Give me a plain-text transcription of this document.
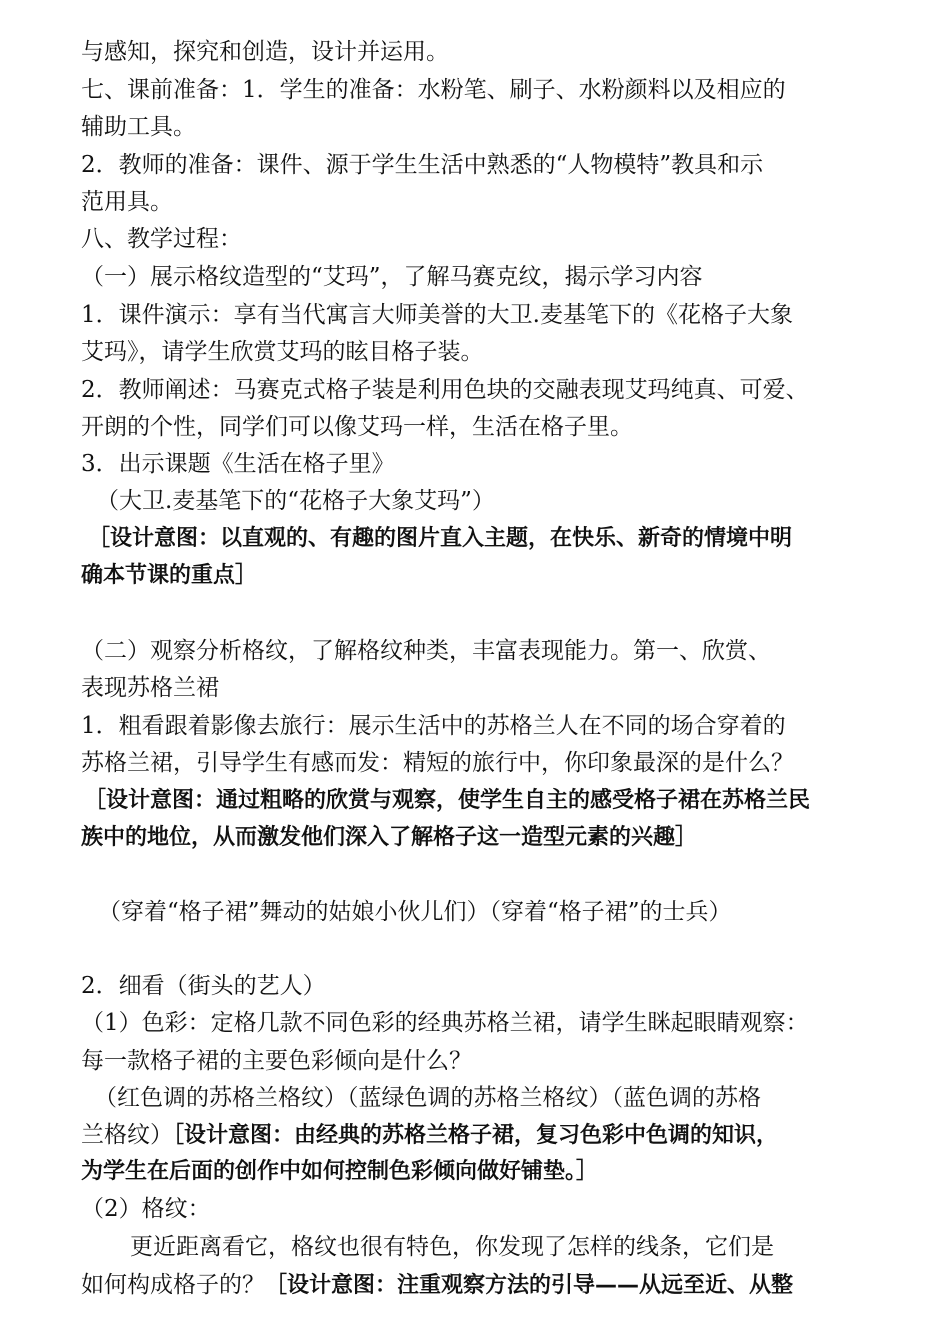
与感知，探究和创造，设计并运用。
七、课前准备：1．学生的准备：水粉笔、刷子、水粉颜料以及相应的
辅助工具。
2．教师的准备：课件、源于学生生活中熟悉的“人物模特”教具和示
范用具。
八、教学过程：
（一）展示格纹造型的“艾玛”，了解马赛克纹，揭示学习内容
1．课件演示：享有当代寓言大师美誉的大卫.麦基笔下的《花格子大象
艾玛》，请学生欣赏艾玛的眩目格子装。
2．教师阐述：马赛克式格子装是利用色块的交融表现艾玛纯真、可爱、
开朗的个性，同学们可以像艾玛一样，生活在格子里。
3．出示课题《生活在格子里》
（大卫.麦基笔下的“花格子大象艾玛”）
［设计意图：以直观的、有趣的图片直入主题，在快乐、新奇的情境中明
确本节课的重点］
（二）观察分析格纹，了解格纹种类，丰富表现能力。第一、欣赏、
表现苏格兰裙
1．粗看跟着影像去旅行：展示生活中的苏格兰人在不同的场合穿着的
苏格兰裙，引导学生有感而发：精短的旅行中，你印象最深的是什么？
［设计意图：通过粗略的欣赏与观察，使学生自主的感受格子裙在苏格兰民
族中的地位，从而激发他们深入了解格子这一造型元素的兴趣］
（穿着“格子裙”舞动的姑娘小伙儿们）（穿着“格子裙”的士兵）
2．细看（街头的艺人）
（1）色彩：定格几款不同色彩的经典苏格兰裙，请学生眯起眼睛观察：
每一款格子裙的主要色彩倾向是什么？
（红色调的苏格兰格纹）（蓝绿色调的苏格兰格纹）（蓝色调的苏格
兰格纹）［设计意图：由经典的苏格兰格子裙，复习色彩中色调的知识，
为学生在后面的创作中如何控制色彩倾向做好铺垫。］
（2）格纹：
更近距离看它，格纹也很有特色，你发现了怎样的线条，它们是
如何构成格子的？［设计意图：注重观察方法的引导——从远至近、从整
